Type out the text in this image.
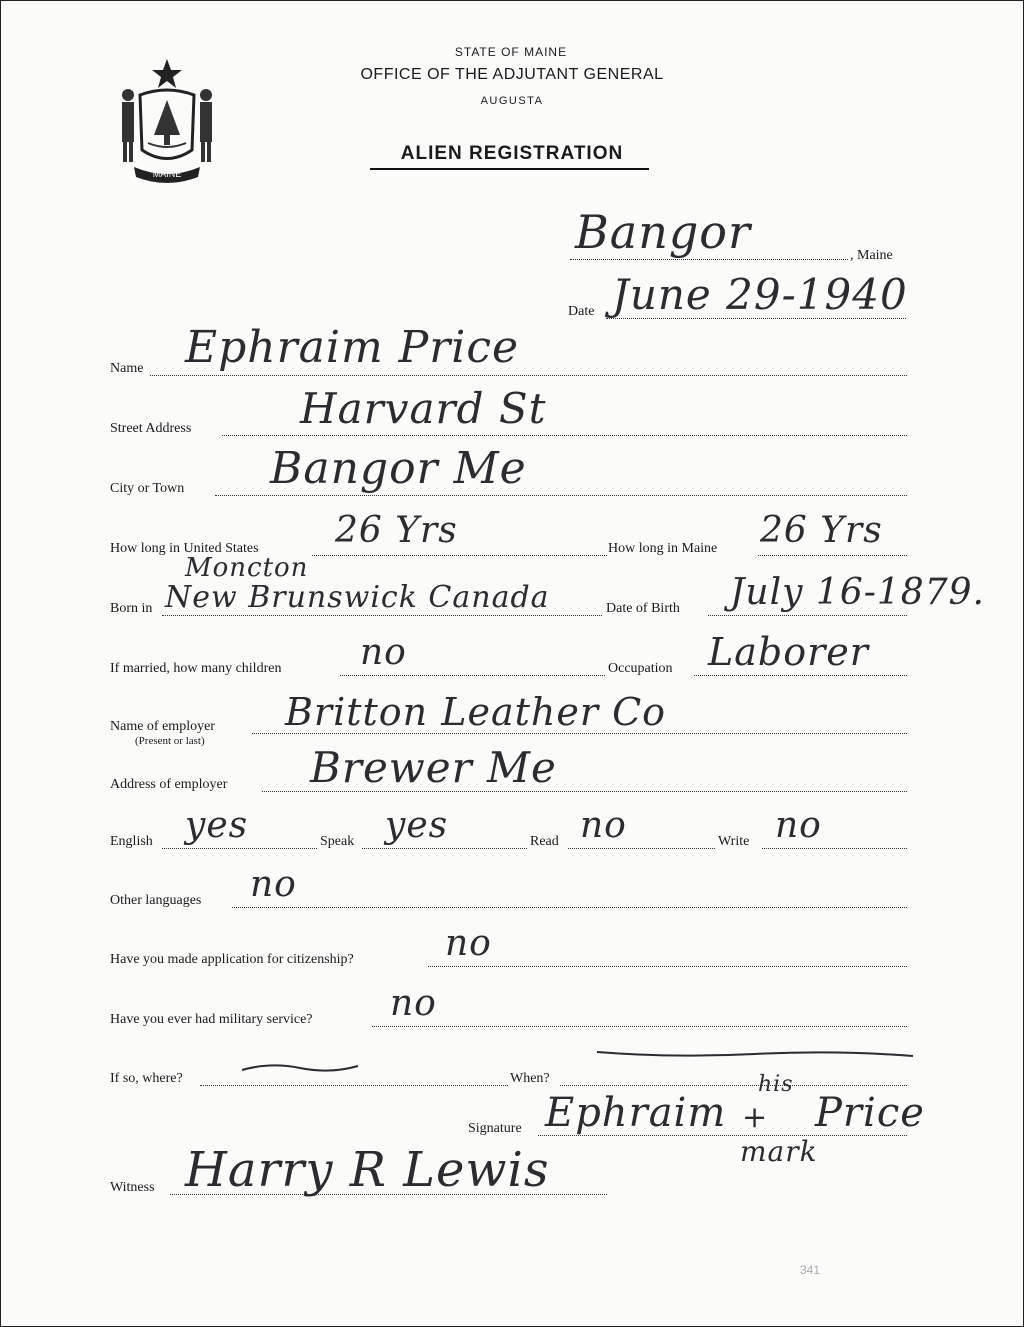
MAINE
STATE OF MAINE
OFFICE OF THE ADJUTANT GENERAL
AUGUSTA
ALIEN REGISTRATION
Bangor	, Maine
Date June 29-1940
Name Ephraim Price
Street Address	Harvard St
City or Town Bangor Me
How long in United States 26 Yrs	How long in Maine 26 Yrs
Moncton
Born in New Brunswick Canada	Date of Birth July 16-1879.
If married, how many children no	Occupation Laborer
Name of employer
(Present or last)
Britton Leather Co
Address of employer Brewer Me
English yes	Speak yes	Read no	Write no
Other languages no
Have you made application for citizenship?	no
Have you ever had military service? no
If so, where?	When?
Signature Ephraim
his
+ Price
mark
Witness Harry R Lewis
341
